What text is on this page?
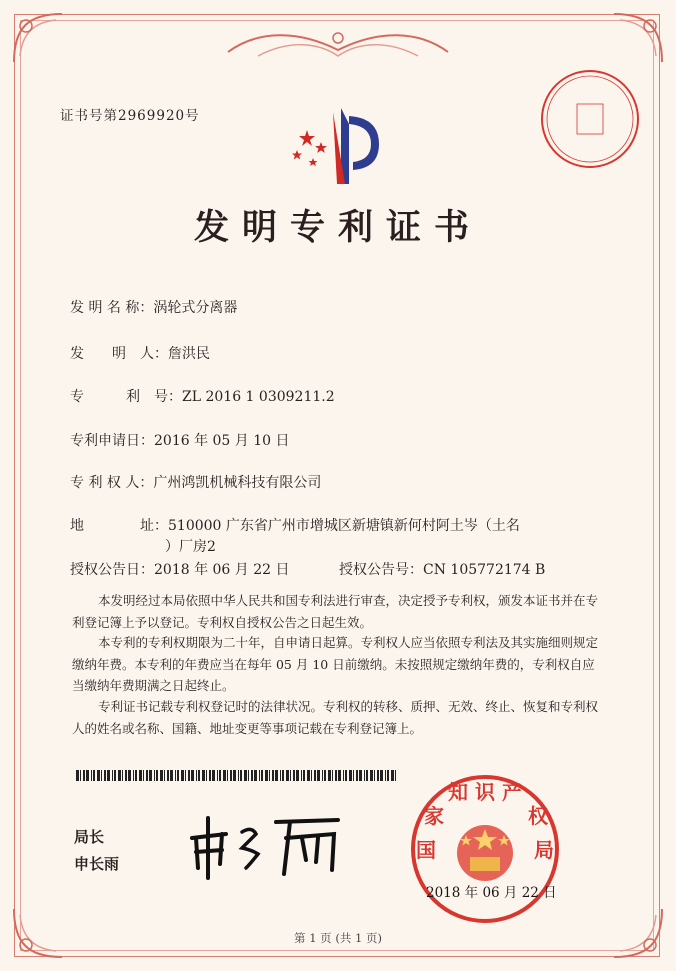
证书号第2969920号
发明专利证书
发 明 名 称：涡轮式分离器
发　　明　人：詹洪民
专　　　利　号：ZL 2016 1 0309211.2
专利申请日：2016 年 05 月 10 日
专 利 权 人：广州鸿凯机械科技有限公司
地　　　　址：510000 广东省广州市增城区新塘镇新何村阿土岑（土名
）厂房2
授权公告日：2018 年 06 月 22 日	授权公告号：CN 105772174 B
本发明经过本局依照中华人民共和国专利法进行审查，决定授予专利权，颁发本证书并在专利登记簿上予以登记。专利权自授权公告之日起生效。
本专利的专利权期限为二十年，自申请日起算。专利权人应当依照专利法及其实施细则规定缴纳年费。本专利的年费应当在每年 05 月 10 日前缴纳。未按照规定缴纳年费的，专利权自应当缴纳年费期满之日起终止。
专利证书记载专利权登记时的法律状况。专利权的转移、质押、无效、终止、恢复和专利权人的姓名或名称、国籍、地址变更等事项记载在专利登记簿上。
局长
申长雨
知 识 产
国
家	权
局
2018 年 06 月 22 日
第 1 页 (共 1 页)
